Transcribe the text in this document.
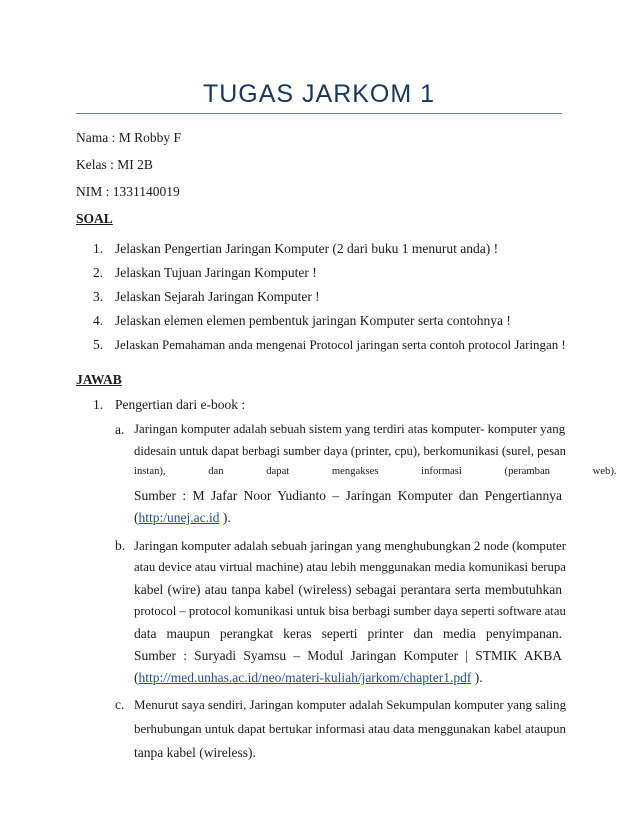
TUGAS JARKOM 1
Nama : M Robby F
Kelas : MI 2B
NIM : 1331140019
SOAL
1. Jelaskan Pengertian Jaringan Komputer (2 dari buku 1 menurut anda) !
2. Jelaskan Tujuan Jaringan Komputer !
3. Jelaskan Sejarah Jaringan Komputer !
4. Jelaskan elemen elemen pembentuk jaringan Komputer serta contohnya !
5. Jelaskan Pemahaman anda mengenai Protocol jaringan serta contoh protocol Jaringan !
JAWAB
1. Pengertian dari e-book :
a. Jaringan komputer adalah sebuah sistem yang terdiri atas komputer- komputer yang
didesain untuk dapat berbagi sumber daya (printer, cpu), berkomunikasi (surel, pesan
instan), dan dapat mengakses informasi (peramban web).
Sumber : M Jafar Noor Yudianto – Jaringan Komputer dan Pengertiannya
(http:/unej.ac.id ).
b. Jaringan komputer adalah sebuah jaringan yang menghubungkan 2 node (komputer
atau device atau virtual machine) atau lebih menggunakan media komunikasi berupa
kabel (wire) atau tanpa kabel (wireless) sebagai perantara serta membutuhkan
protocol – protocol komunikasi untuk bisa berbagi sumber daya seperti software atau
data maupun perangkat keras seperti printer dan media penyimpanan.
Sumber : Suryadi Syamsu – Modul Jaringan Komputer | STMIK AKBA
(http://med.unhas.ac.id/neo/materi-kuliah/jarkom/chapter1.pdf ).
c. Menurut saya sendiri, Jaringan komputer adalah Sekumpulan komputer yang saling
berhubungan untuk dapat bertukar informasi atau data menggunakan kabel ataupun
tanpa kabel (wireless).
